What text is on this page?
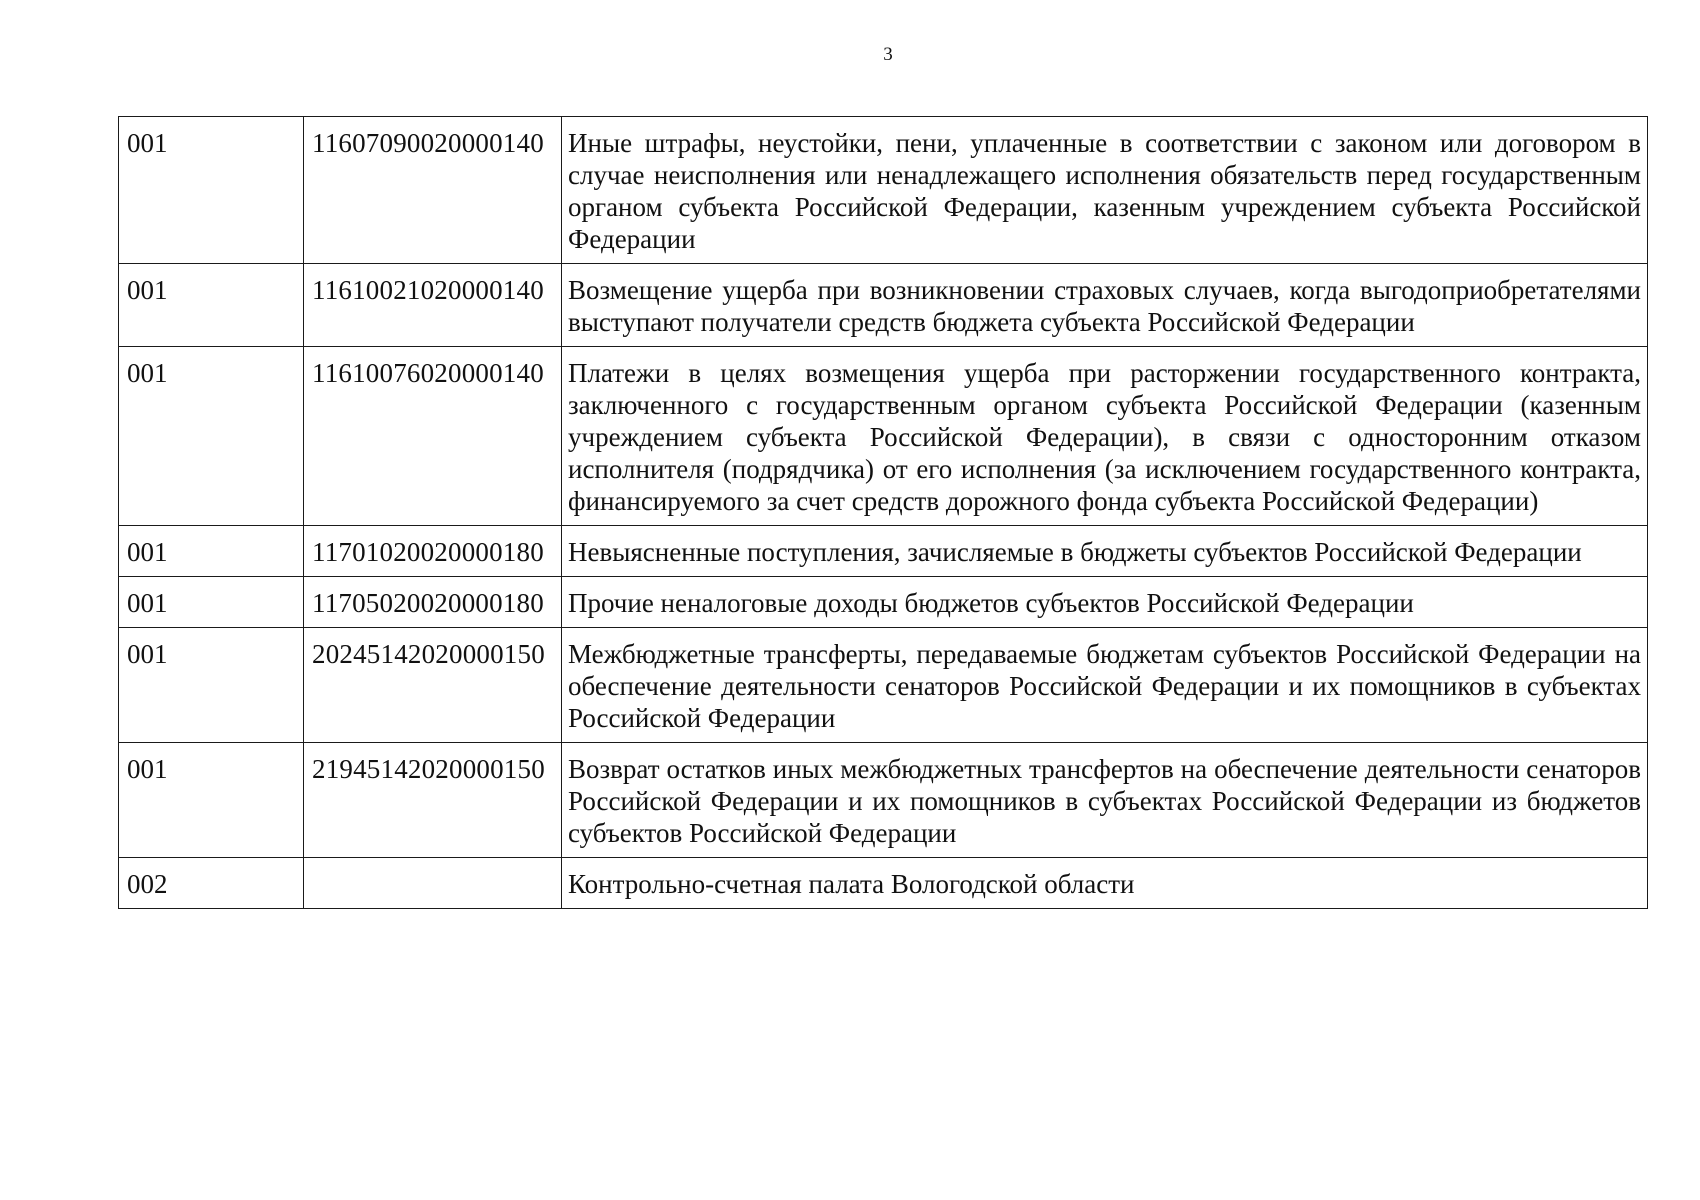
3
001	11607090020000140	Иные штрафы, неустойки, пени, уплаченные в соответствии с законом или договором в случае неисполнения или ненадлежащего исполнения обязательств перед государственным органом субъекта Российской Федерации, казенным учреждением субъекта Российской Федерации
001	11610021020000140	Возмещение ущерба при возникновении страховых случаев, когда выгодоприобретателями выступают получатели средств бюджета субъекта Российской Федерации
001	11610076020000140	Платежи в целях возмещения ущерба при расторжении государственного контракта, заключенного с государственным органом субъекта Российской Федерации (казенным учреждением субъекта Российской Федерации), в связи с односторонним отказом исполнителя (подрядчика) от его исполнения (за исключением государственного контракта, финансируемого за счет средств дорожного фонда субъекта Российской Федерации)
001	11701020020000180	Невыясненные поступления, зачисляемые в бюджеты субъектов Российской Федерации
001	11705020020000180	Прочие неналоговые доходы бюджетов субъектов Российской Федерации
001	20245142020000150	Межбюджетные трансферты, передаваемые бюджетам субъектов Российской Федерации на обеспечение деятельности сенаторов Российской Федерации и их помощников в субъектах Российской Федерации
001	21945142020000150	Возврат остатков иных межбюджетных трансфертов на обеспечение деятельности сенаторов Российской Федерации и их помощников в субъектах Российской Федерации из бюджетов субъектов Российской Федерации
002		Контрольно-счетная палата Вологодской области
